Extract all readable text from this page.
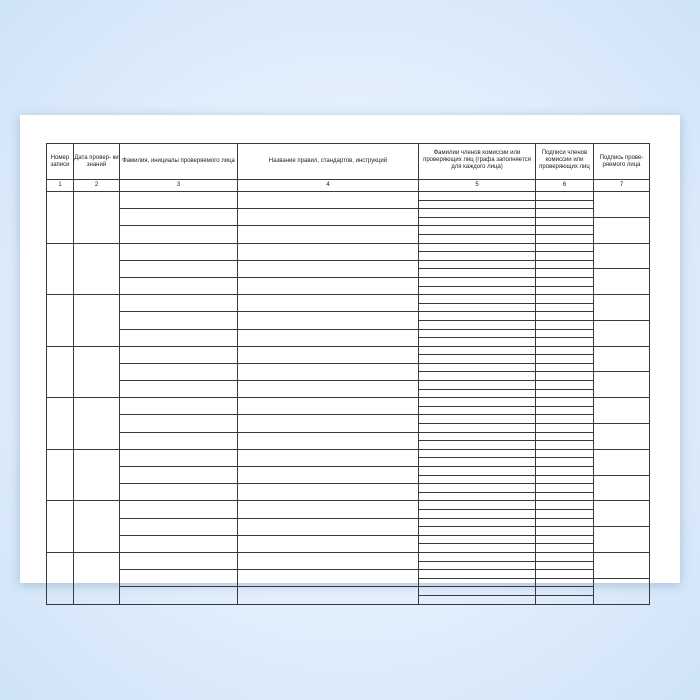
Номер записи	Дата провер- ки знаний	Фамилия, инициалы проверяемого лица	Название правил, стандартов, инструкций	Фамилии членов комиссии или проверяющих лиц (графа заполняется для каждого лица)	Подписи членов комиссии или проверяющих лиц	Подпись прове- ряемого лица
1	2	3	4	5	6	7
